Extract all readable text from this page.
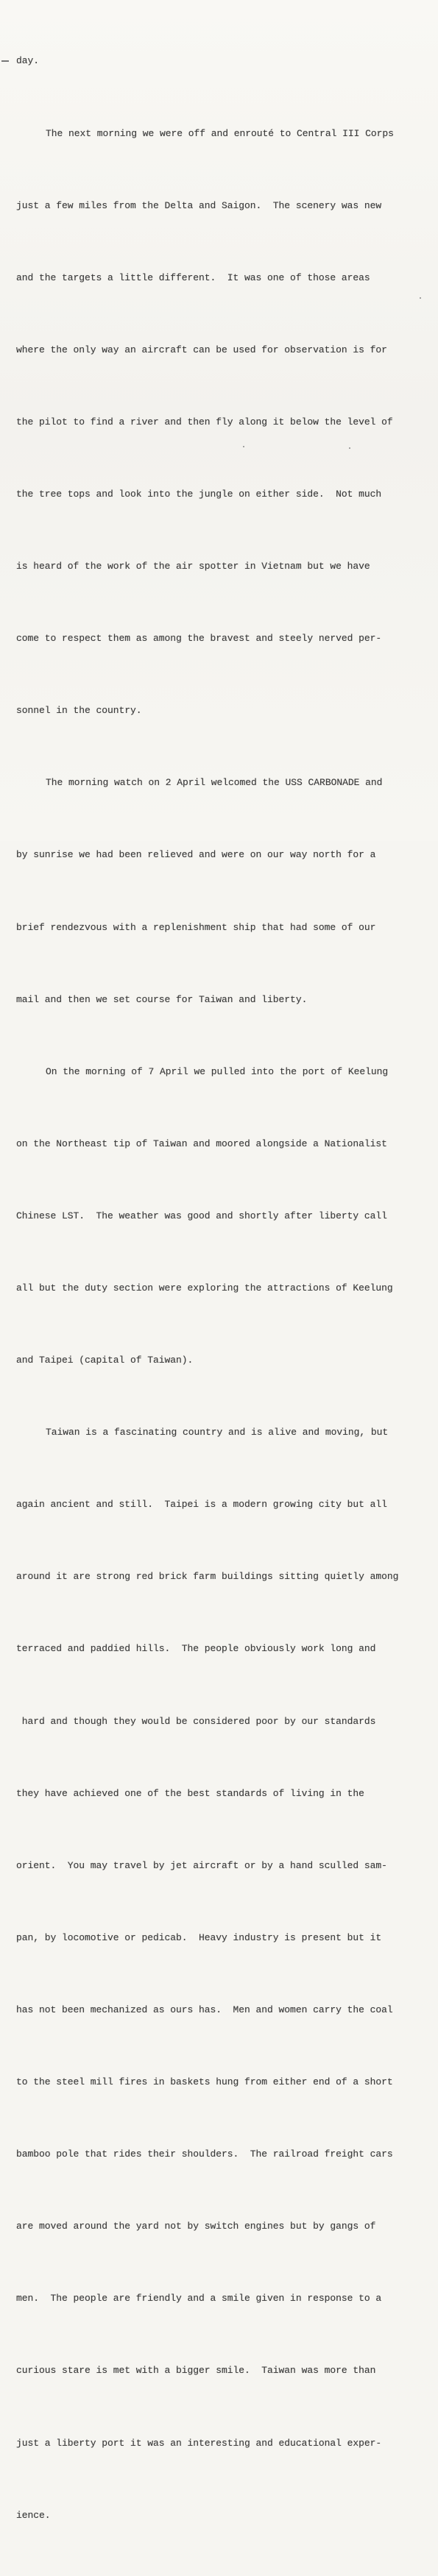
day.

The next morning we were off and enrouté to Central III Corps

just a few miles from the Delta and Saigon.  The scenery was new

and the targets a little different.  It was one of those areas

where the only way an aircraft can be used for observation is for

the pilot to find a river and then fly along it below the level of

the tree tops and look into the jungle on either side.  Not much

is heard of the work of the air spotter in Vietnam but we have

come to respect them as among the bravest and steely nerved per-

sonnel in the country.

The morning watch on 2 April welcomed the USS CARBONADE and

by sunrise we had been relieved and were on our way north for a

brief rendezvous with a replenishment ship that had some of our

mail and then we set course for Taiwan and liberty.

On the morning of 7 April we pulled into the port of Keelung

on the Northeast tip of Taiwan and moored alongside a Nationalist

Chinese LST.  The weather was good and shortly after liberty call

all but the duty section were exploring the attractions of Keelung

and Taipei (capital of Taiwan).

Taiwan is a fascinating country and is alive and moving, but

again ancient and still.  Taipei is a modern growing city but all

around it are strong red brick farm buildings sitting quietly among

terraced and paddied hills.  The people obviously work long and

hard and though they would be considered poor by our standards

they have achieved one of the best standards of living in the

orient.  You may travel by jet aircraft or by a hand sculled sam-

pan, by locomotive or pedicab.  Heavy industry is present but it

has not been mechanized as ours has.  Men and women carry the coal

to the steel mill fires in baskets hung from either end of a short

bamboo pole that rides their shoulders.  The railroad freight cars

are moved around the yard not by switch engines but by gangs of

men.  The people are friendly and a smile given in response to a

curious stare is met with a bigger smile.  Taiwan was more than

just a liberty port it was an interesting and educational exper-

ience.
